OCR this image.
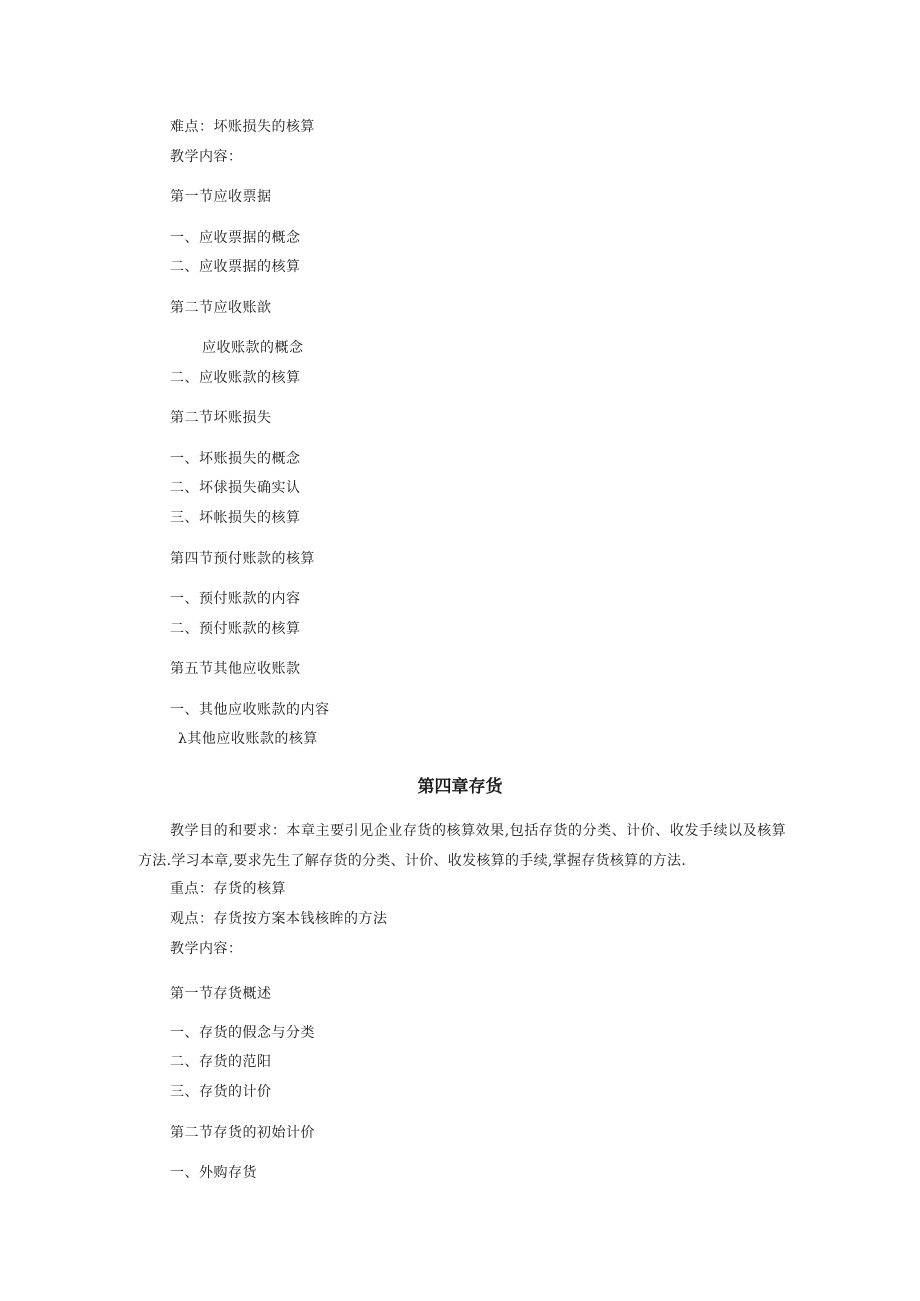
难点：坏账损失的核算
教学内容：
第一节应收票据
一、应收票据的概念
二、应收票据的核算
第二节应收账歆
应收账款的概念
二、应收账款的核算
第二节坏账损失
一、坏账损失的概念
二、坏俅损失确实认
三、坏帐损失的核算
第四节预付账款的核算
一、预付账款的内容
二、预付账款的核算
第五节其他应收账款
一、其他应收账款的内容
λ其他应收账款的核算
第四章存货
教学目的和要求：本章主要引见企业存货的核算效果,包括存货的分类、计价、收发手续以及核算方法.学习本章,要求先生了解存货的分类、计价、收发核算的手续,掌握存货核算的方法.
重点：存货的核算
观点：存货按方案本钱核眸的方法
教学内容：
第一节存货概述
一、存货的假念与分类
二、存货的范阳
三、存货的计价
第二节存货的初始计价
一、外购存货
